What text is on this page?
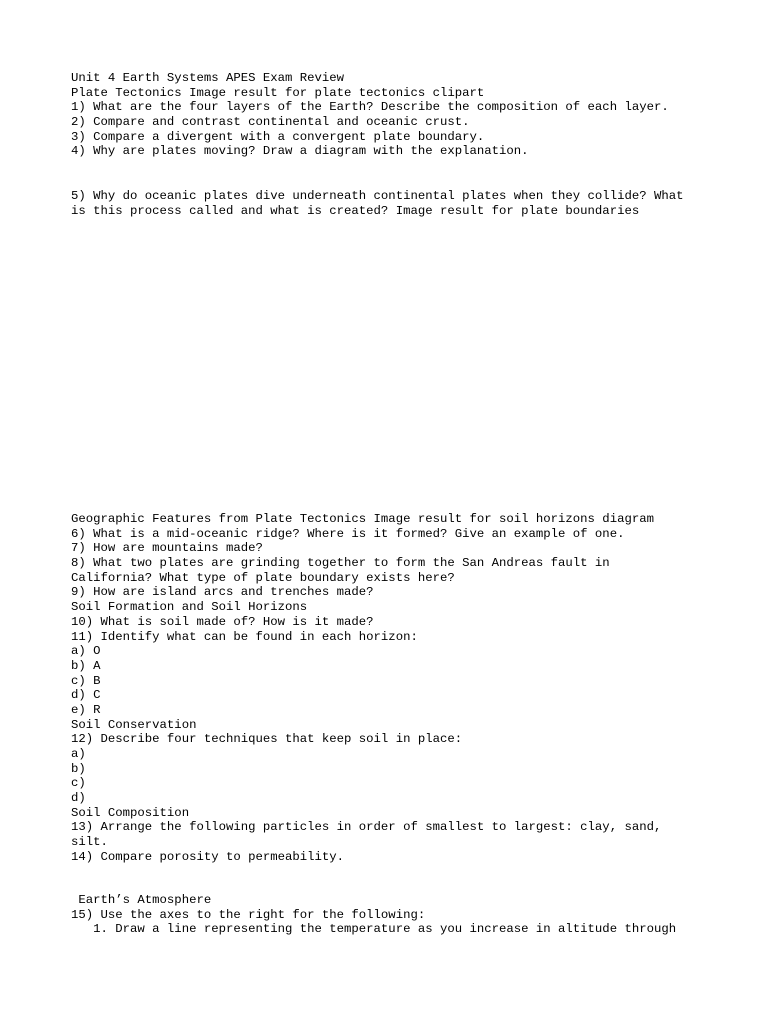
Unit 4 Earth Systems APES Exam Review
Plate Tectonics Image result for plate tectonics clipart
1) What are the four layers of the Earth? Describe the composition of each layer.
2) Compare and contrast continental and oceanic crust.
3) Compare a divergent with a convergent plate boundary.
4) Why are plates moving? Draw a diagram with the explanation.
5) Why do oceanic plates dive underneath continental plates when they collide? What
is this process called and what is created? Image result for plate boundaries
Geographic Features from Plate Tectonics Image result for soil horizons diagram
6) What is a mid-oceanic ridge? Where is it formed? Give an example of one.
7) How are mountains made?
8) What two plates are grinding together to form the San Andreas fault in
California? What type of plate boundary exists here?
9) How are island arcs and trenches made?
Soil Formation and Soil Horizons
10) What is soil made of? How is it made?
11) Identify what can be found in each horizon:
a) O
b) A
c) B
d) C
e) R
Soil Conservation
12) Describe four techniques that keep soil in place:
a)
b)
c)
d)
Soil Composition
13) Arrange the following particles in order of smallest to largest: clay, sand,
silt.
14) Compare porosity to permeability.
Earth’s Atmosphere
15) Use the axes to the right for the following:
1. Draw a line representing the temperature as you increase in altitude through
